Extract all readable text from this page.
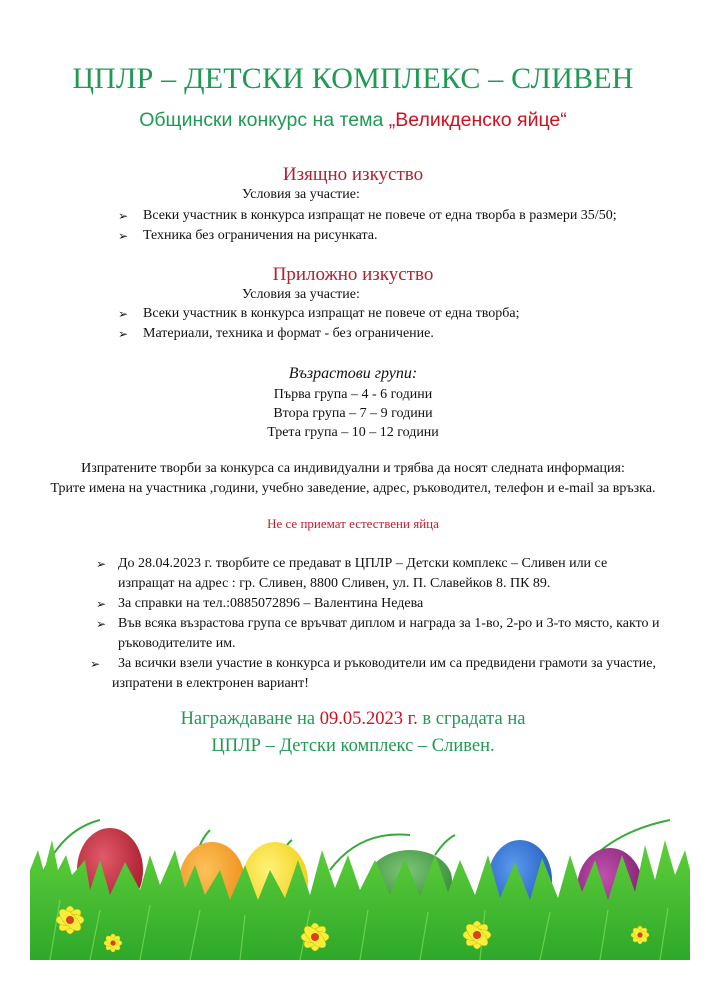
ЦПЛР – ДЕТСКИ КОМПЛЕКС – СЛИВЕН
Общински конкурс на тема „Великденско яйце“
Изящно изкуство
Условия за участие:
➢ Всеки участник в конкурса изпращат не повече от една творба в размери 35/50;
➢ Техника без ограничения на рисунката.
Приложно изкуство
Условия за участие:
➢ Всеки участник в конкурса изпращат не повече от една творба;
➢ Материали, техника и формат - без ограничение.
Възрастови групи:
Първа група – 4 - 6 години
Втора група – 7 – 9 години
Трета група – 10 – 12 години
Изпратените творби за конкурса са индивидуални и трябва да носят следната информация:
Трите имена на участника ,години, учебно заведение, адрес, ръководител, телефон и e-mail за връзка.
Не се приемат естествени яйца
➢ До 28.04.2023 г. творбите се предават в ЦПЛР – Детски комплекс – Сливен или се
изпращат на адрес : гр. Сливен, 8800 Сливен, ул. П. Славейков 8. ПК 89.
➢ За справки на тел.:0885072896 – Валентина Недева
➢ Във всяка възрастова група се връчват диплом и награда за 1-во, 2-ро и 3-то място, както и
ръководителите им.
➢ За всички взели участие в конкурса и ръководители им са предвидени грамоти за участие,
изпратени в електронен вариант!
Награждаване на 09.05.2023 г. в сградата на
ЦПЛР – Детски комплекс – Сливен.
